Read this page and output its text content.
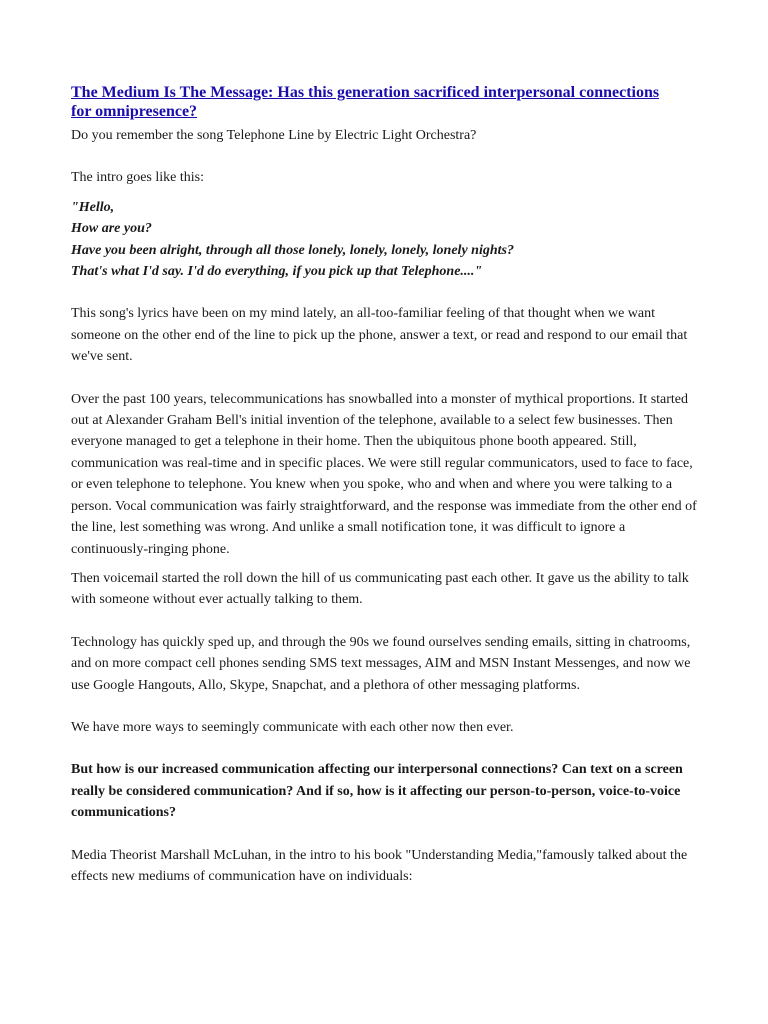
The Medium Is The Message: Has this generation sacrificed interpersonal connections for omnipresence?

Do you remember the song Telephone Line by Electric Light Orchestra?

The intro goes like this:

"Hello,
How are you?
Have you been alright, through all those lonely, lonely, lonely, lonely nights?
That's what I'd say. I'd do everything, if you pick up that Telephone...."

This song's lyrics have been on my mind lately, an all-too-familiar feeling of that thought when we want someone on the other end of the line to pick up the phone, answer a text, or read and respond to our email that we've sent.

Over the past 100 years, telecommunications has snowballed into a monster of mythical proportions. It started out at Alexander Graham Bell's initial invention of the telephone, available to a select few businesses. Then everyone managed to get a telephone in their home. Then the ubiquitous phone booth appeared. Still, communication was real-time and in specific places. We were still regular communicators, used to face to face, or even telephone to telephone. You knew when you spoke, who and when and where you were talking to a person. Vocal communication was fairly straightforward, and the response was immediate from the other end of the line, lest something was wrong. And unlike a small notification tone, it was difficult to ignore a continuously-ringing phone.

Then voicemail started the roll down the hill of us communicating past each other. It gave us the ability to talk with someone without ever actually talking to them.

Technology has quickly sped up, and through the 90s we found ourselves sending emails, sitting in chatrooms, and on more compact cell phones sending SMS text messages, AIM and MSN Instant Messenges, and now we use Google Hangouts, Allo, Skype, Snapchat, and a plethora of other messaging platforms.

We have more ways to seemingly communicate with each other now then ever.

But how is our increased communication affecting our interpersonal connections? Can text on a screen really be considered communication? And if so, how is it affecting our person-to-person, voice-to-voice communications?

Media Theorist Marshall McLuhan, in the intro to his book "Understanding Media,"famously talked about the effects new mediums of communication have on individuals:
